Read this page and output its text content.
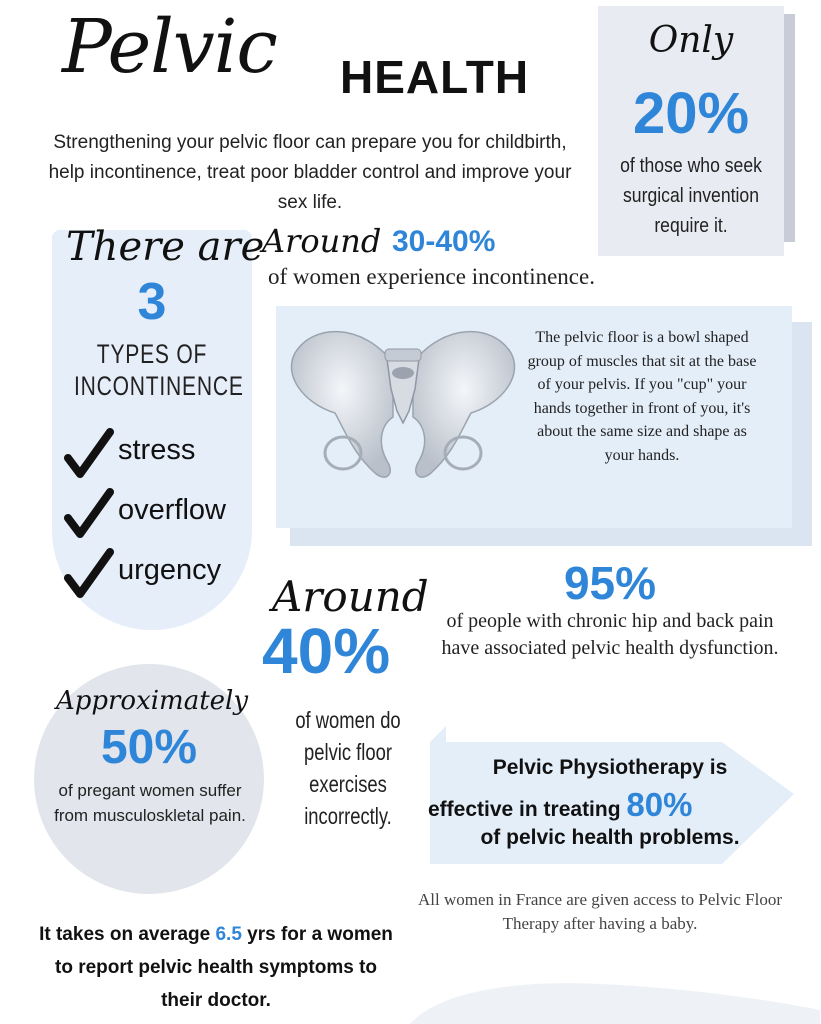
Pelvic HEALTH
Strengthening your pelvic floor can prepare you for childbirth, help incontinence, treat poor bladder control and improve your sex life.
Only
20%
of those who seek surgical invention require it.
There are
3
TYPES OF INCONTINENCE
stress
overflow
urgency
Around 30-40%
of women experience incontinence.
The pelvic floor is a bowl shaped group of muscles that sit at the base of your pelvis. If you "cup" your hands together in front of you, it's about the same size and shape as your hands.
Around
40%
of women do pelvic floor exercises incorrectly.
95%
of people with chronic hip and back pain have associated pelvic health dysfunction.
Approximately
50%
of pregant women suffer from musculoskletal pain.
Pelvic Physiotherapy is
effective in treating 80%
of pelvic health problems.
All women in France are given access to Pelvic Floor Therapy after having a baby.
It takes on average 6.5 yrs for a women to report pelvic health symptoms to their doctor.
